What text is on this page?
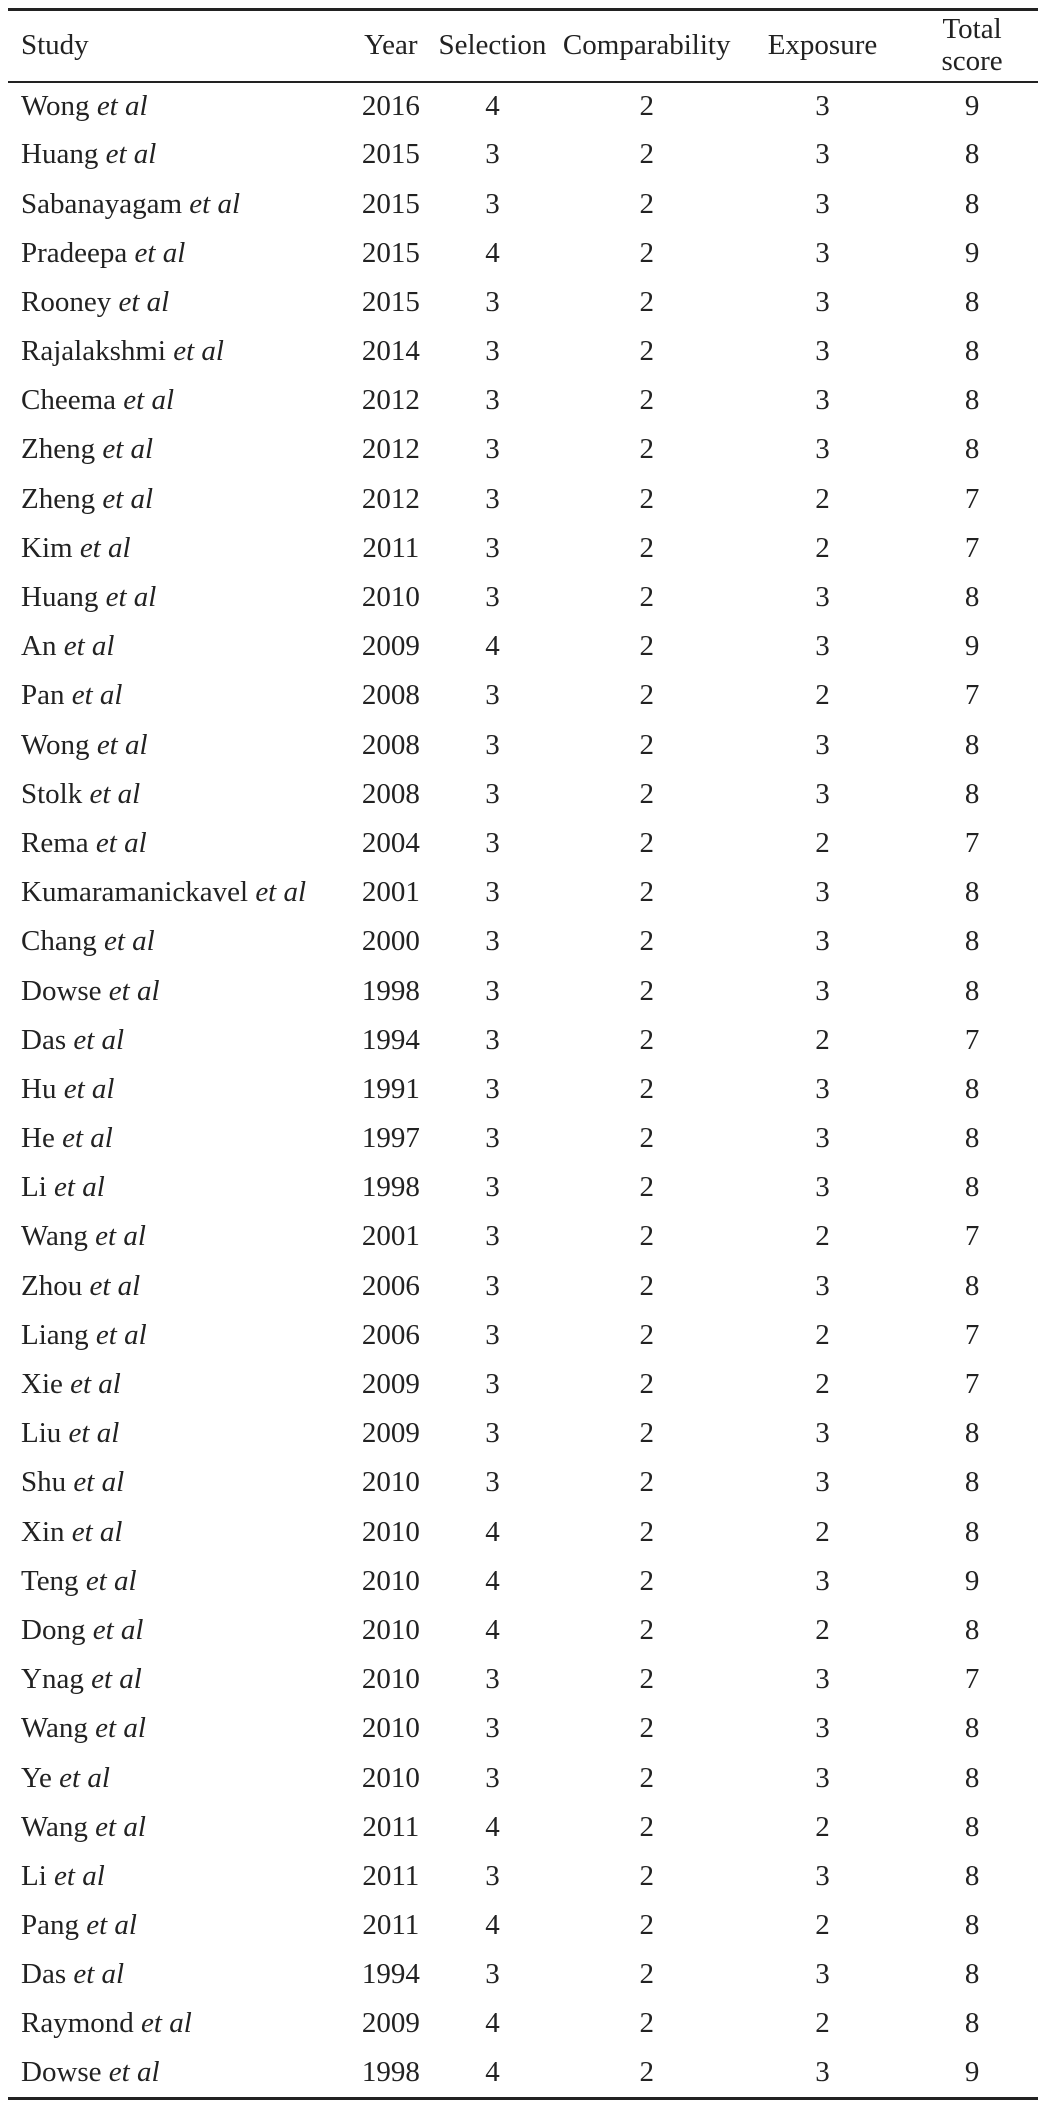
Study	Year	Selection	Comparability	Exposure	Total
score

Wong et al	2016	4	2	3	9
Huang et al	2015	3	2	3	8
Sabanayagam et al	2015	3	2	3	8
Pradeepa et al	2015	4	2	3	9
Rooney et al	2015	3	2	3	8
Rajalakshmi et al	2014	3	2	3	8
Cheema et al	2012	3	2	3	8
Zheng et al	2012	3	2	3	8
Zheng et al	2012	3	2	2	7
Kim et al	2011	3	2	2	7
Huang et al	2010	3	2	3	8
An et al	2009	4	2	3	9
Pan et al	2008	3	2	2	7
Wong et al	2008	3	2	3	8
Stolk et al	2008	3	2	3	8
Rema et al	2004	3	2	2	7
Kumaramanickavel et al	2001	3	2	3	8
Chang et al	2000	3	2	3	8
Dowse et al	1998	3	2	3	8
Das et al	1994	3	2	2	7
Hu et al	1991	3	2	3	8
He et al	1997	3	2	3	8
Li et al	1998	3	2	3	8
Wang et al	2001	3	2	2	7
Zhou et al	2006	3	2	3	8
Liang et al	2006	3	2	2	7
Xie et al	2009	3	2	2	7
Liu et al	2009	3	2	3	8
Shu et al	2010	3	2	3	8
Xin et al	2010	4	2	2	8
Teng et al	2010	4	2	3	9
Dong et al	2010	4	2	2	8
Ynag et al	2010	3	2	3	7
Wang et al	2010	3	2	3	8
Ye et al	2010	3	2	3	8
Wang et al	2011	4	2	2	8
Li et al	2011	3	2	3	8
Pang et al	2011	4	2	2	8
Das et al	1994	3	2	3	8
Raymond et al	2009	4	2	2	8
Dowse et al	1998	4	2	3	9
